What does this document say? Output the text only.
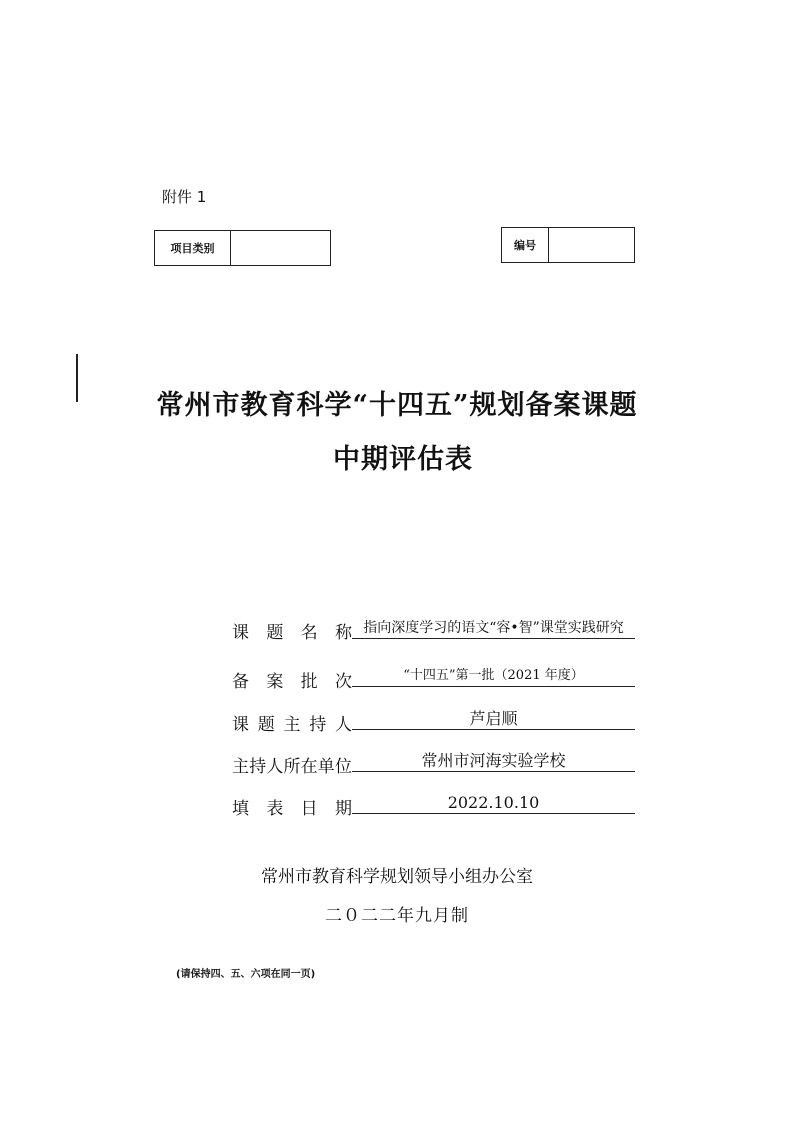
附件 1
项目类别	编号
常州市教育科学“十四五”规划备案课题
中期评估表
课 题 名 称 指向深度学习的语文“容•智”课堂实践研究
备 案 批 次	“十四五”第一批（2021 年度）
课 题 主 持 人	芦启顺
主 持 人 所 在 单 位	常州市河海实验学校
填 表 日 期	2022.10.10
常州市教育科学规划领导小组办公室
二０二二年九月制
(请保持四、五、六项在同一页)
